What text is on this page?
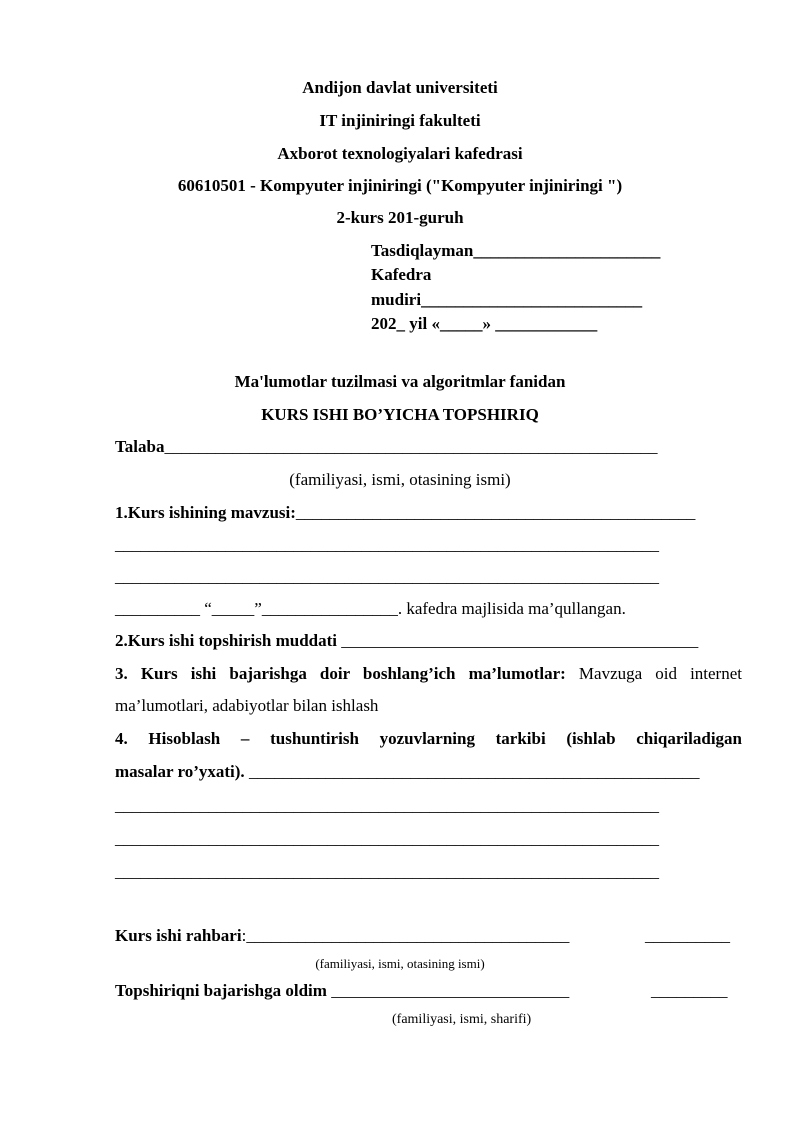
Andijon davlat universiteti
IT injiniringi fakulteti
Axborot texnologiyalari kafedrasi
60610501 - Kompyuter injiniringi ("Kompyuter injiniringi ")
2-kurs 201-guruh
Tasdiqlayman______________________
Kafedra
mudiri__________________________
202_ yil «_____» ____________
Ma'lumotlar tuzilmasi va algoritmlar fanidan
KURS ISHI BO’YICHA TOPSHIRIQ
Talaba__________________________________________________________
(familiyasi, ismi, otasining ismi)
1.Kurs ishining mavzusi:_______________________________________________
________________________________________________________________
________________________________________________________________
__________ “_____”________________. kafedra majlisida ma’qullangan.
2.Kurs ishi topshirish muddati __________________________________________
3. Kurs ishi bajarishga doir boshlang’ich ma’lumotlar: Mavzuga oid internet
ma’lumotlari, adabiyotlar bilan ishlash
4. Hisoblash – tushuntirish yozuvlarning tarkibi (ishlab chiqariladigan
masalar ro’yxati). _____________________________________________________
________________________________________________________________
________________________________________________________________
________________________________________________________________
Kurs ishi rahbari:______________________________________	__________
(familiyasi, ismi, otasining ismi)
Topshiriqni bajarishga oldim ____________________________	_________
(familiyasi, ismi, sharifi)
